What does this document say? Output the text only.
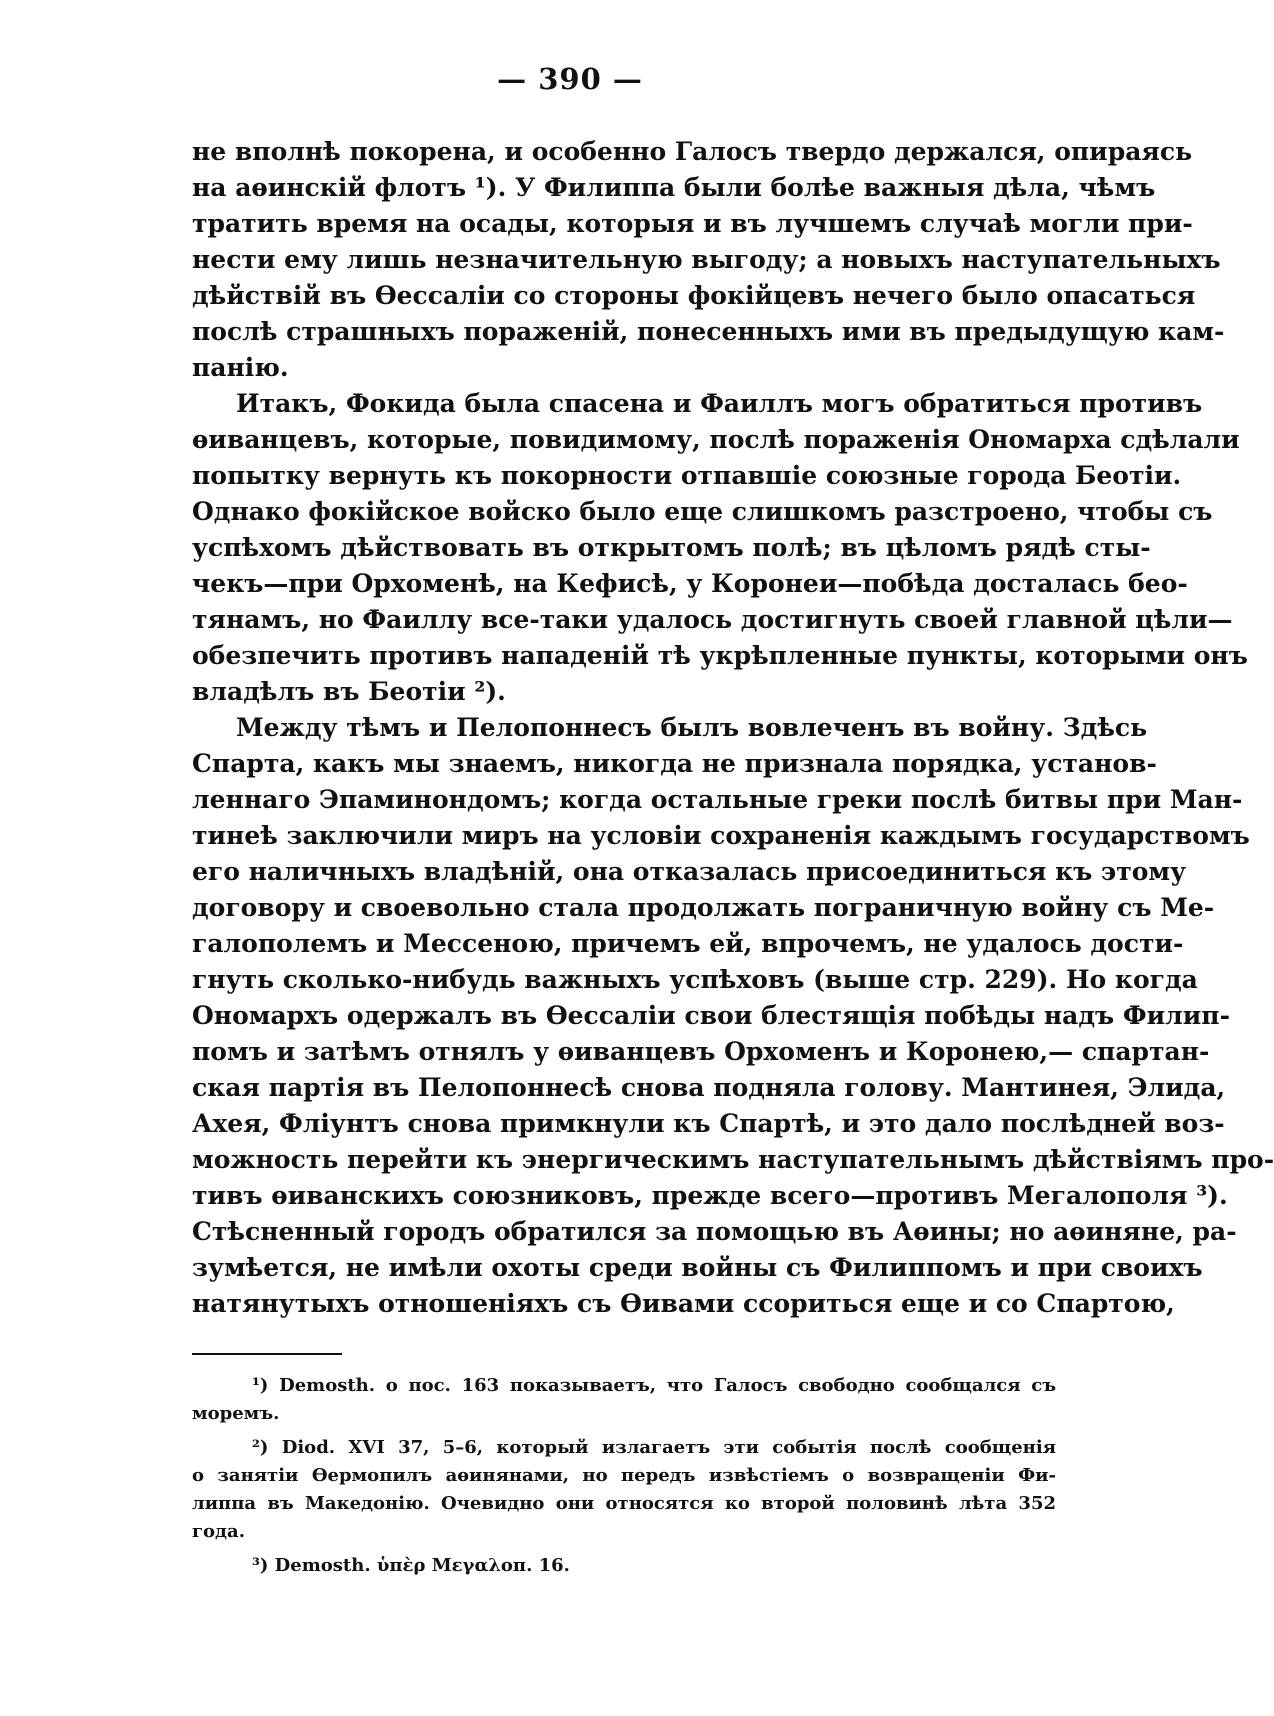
— 390 —
не вполнѣ покорена, и особенно Галосъ твердо держался, опираясь
на аѳинскій флотъ ¹). У Филиппа были болѣе важныя дѣла, чѣмъ
тратить время на осады, которыя и въ лучшемъ случаѣ могли при-
нести ему лишь незначительную выгоду; а новыхъ наступательныхъ
дѣйствій въ Ѳессаліи со стороны фокійцевъ нечего было опасаться
послѣ страшныхъ пораженій, понесенныхъ ими въ предыдущую кам-
панію.
Итакъ, Фокида была спасена и Фаиллъ могъ обратиться противъ
ѳиванцевъ, которые, повидимому, послѣ пораженія Ономарха сдѣлали
попытку вернуть къ покорности отпавшіе союзные города Беотіи.
Однако фокійское войско было еще слишкомъ разстроено, чтобы съ
успѣхомъ дѣйствовать въ открытомъ полѣ; въ цѣломъ рядѣ сты-
чекъ—при Орхоменѣ, на Кефисѣ, у Коронеи—побѣда досталась бео-
тянамъ, но Фаиллу все-таки удалось достигнуть своей главной цѣли—
обезпечить противъ нападеній тѣ укрѣпленные пункты, которыми онъ
владѣлъ въ Беотіи ²).
Между тѣмъ и Пелопоннесъ былъ вовлеченъ въ войну. Здѣсь
Спарта, какъ мы знаемъ, никогда не признала порядка, установ-
леннаго Эпаминондомъ; когда остальные греки послѣ битвы при Ман-
тинеѣ заключили миръ на условіи сохраненія каждымъ государствомъ
его наличныхъ владѣній, она отказалась присоединиться къ этому
договору и своевольно стала продолжать пограничную войну съ Ме-
галополемъ и Мессеною, причемъ ей, впрочемъ, не удалось дости-
гнуть сколько-нибудь важныхъ успѣховъ (выше стр. 229). Но когда
Ономархъ одержалъ въ Ѳессаліи свои блестящія побѣды надъ Филип-
помъ и затѣмъ отнялъ у ѳиванцевъ Орхоменъ и Коронею,— спартан-
ская партія въ Пелопоннесѣ снова подняла голову. Мантинея, Элида,
Ахея, Фліунтъ снова примкнули къ Спартѣ, и это дало послѣдней воз-
можность перейти къ энергическимъ наступательнымъ дѣйствіямъ про-
тивъ ѳиванскихъ союзниковъ, прежде всего—противъ Мегалополя ³).
Стѣсненный городъ обратился за помощью въ Аѳины; но аѳиняне, ра-
зумѣется, не имѣли охоты среди войны съ Филиппомъ и при своихъ
натянутыхъ отношеніяхъ съ Ѳивами ссориться еще и со Спартою,
¹) Demosth. о пос. 163 показываетъ, что Галосъ свободно сообщался съ
моремъ.
²) Diod. XVI 37, 5–6, который излагаетъ эти событія послѣ сообщенія
о занятіи Ѳермопилъ аѳинянами, но передъ извѣстіемъ о возвращеніи Фи-
липпа въ Македонію. Очевидно они относятся ко второй половинѣ лѣта 352
года.
³) Demosth. ὑπὲρ Μεγαλοπ. 16.
